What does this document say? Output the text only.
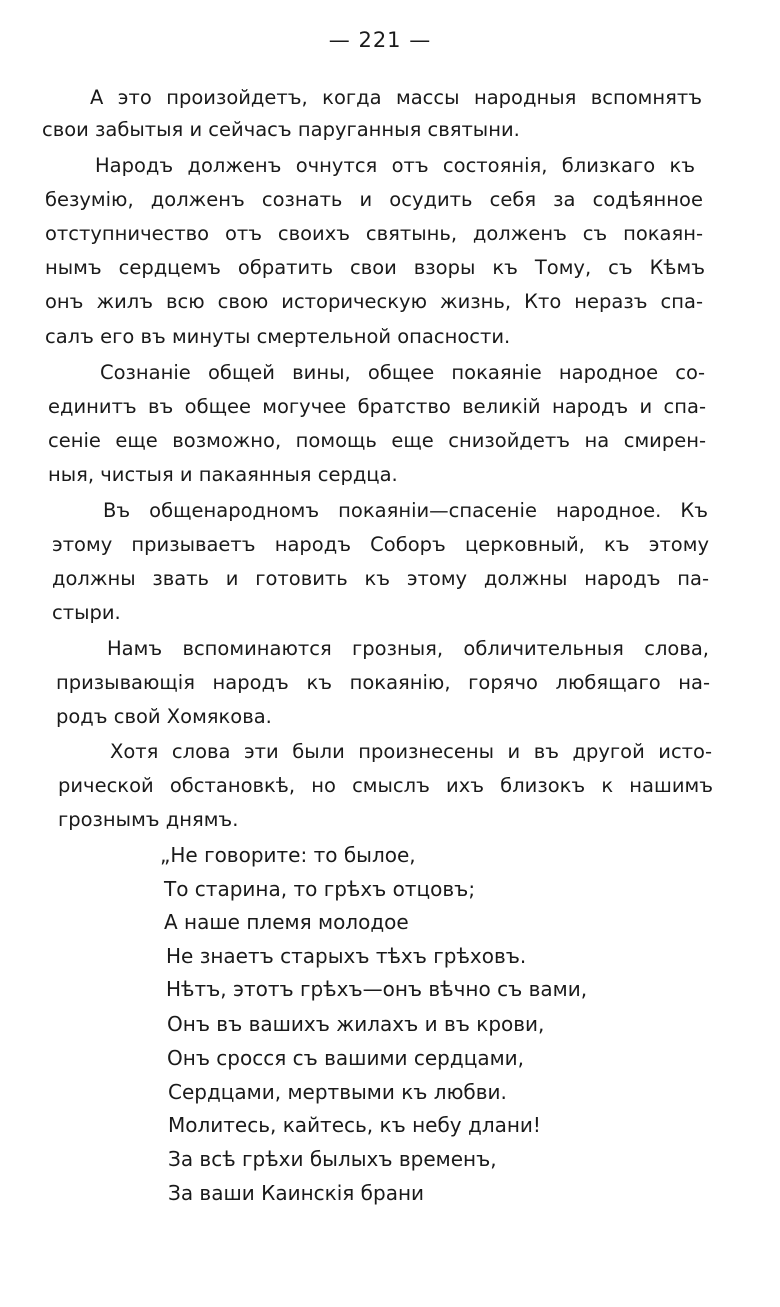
— 221 —
А это произойдетъ, когда массы народныя вспомнятъ
свои забытыя и сейчасъ паруганныя святыни.
Народъ долженъ очнутся отъ состоянія, близкаго къ
безумію, долженъ сознать и осудить себя за содѣянное
отступничество отъ своихъ святынь, долженъ съ покаян-
нымъ сердцемъ обратить свои взоры къ Тому, съ Кѣмъ
онъ жилъ всю свою историческую жизнь, Кто неразъ спа-
салъ его въ минуты смертельной опасности.
Сознаніе общей вины, общее покаяніе народное со-
единитъ въ общее могучее братство великій народъ и спа-
сеніе еще возможно, помощь еще снизойдетъ на смирен-
ныя, чистыя и пакаянныя сердца.
Въ общенародномъ покаяніи—спасеніе народное. Къ
этому призываетъ народъ Соборъ церковный, къ этому
должны звать и готовить къ этому должны народъ па-
стыри.
Намъ вспоминаются грозныя, обличительныя слова,
призывающія народъ къ покаянію, горячо любящаго на-
родъ свой Хомякова.
Хотя слова эти были произнесены и въ другой исто-
рической обстановкѣ, но смыслъ ихъ близокъ к нашимъ
грознымъ днямъ.
„Не говорите: то былое,
То старина, то грѣхъ отцовъ;
А наше племя молодое
Не знаетъ старыхъ тѣхъ грѣховъ.
Нѣтъ, этотъ грѣхъ—онъ вѣчно съ вами,
Онъ въ вашихъ жилахъ и въ крови,
Онъ сросся съ вашими сердцами,
Сердцами, мертвыми къ любви.
Молитесь, кайтесь, къ небу длани!
За всѣ грѣхи былыхъ временъ,
За ваши Каинскія брани
